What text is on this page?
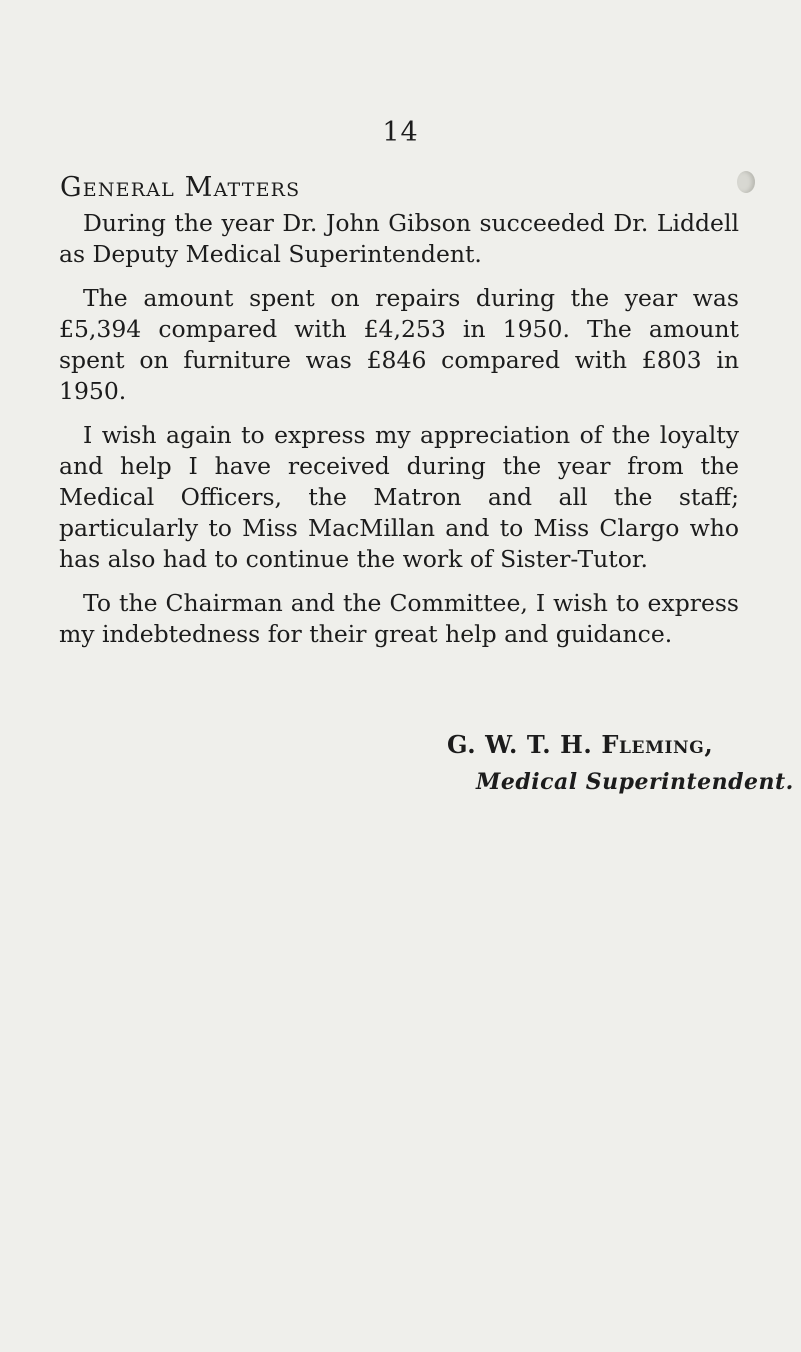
14
General Matters

During the year Dr. John Gibson succeeded Dr. Liddell as Deputy Medical Superintendent.

The amount spent on repairs during the year was £5,394 compared with £4,253 in 1950. The amount spent on furniture was £846 compared with £803 in 1950.

I wish again to express my appreciation of the loyalty and help I have received during the year from the Medical Officers, the Matron and all the staff; particularly to Miss MacMillan and to Miss Clargo who has also had to continue the work of Sister-Tutor.

To the Chairman and the Committee, I wish to express my indebtedness for their great help and guidance.

G. W. T. H. Fleming,
Medical Superintendent.
